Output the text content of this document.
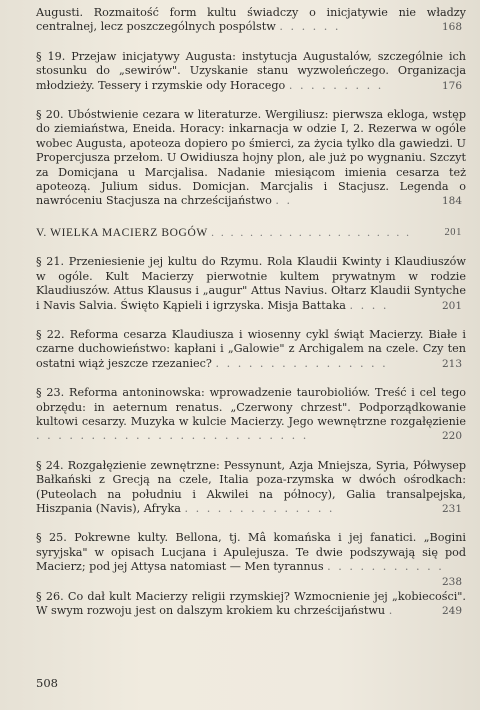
Augusti. Rozmaitość form kultu świadczy o inicjatywie nie władzy centralnej, lecz poszczególnych pospólstw . . . . . .	168
§ 19. Przejaw inicjatywy Augusta: instytucja Augustalów, szczególnie ich stosunku do „sewirów". Uzyskanie stanu wyzwoleńczego. Organizacja młodzieży. Tessery i rzymskie ody Horacego . . . . . . . . .	176
§ 20. Ubóstwienie cezara w literaturze. Wergiliusz: pierwsza ekloga, wstęp do ziemiaństwa, Eneida. Horacy: inkarnacja w odzie I, 2. Rezerwa w ogóle wobec Augusta, apoteoza dopiero po śmierci, za życia tylko dla gawiedzi. U Propercjusza przełom. U Owidiusza hojny plon, ale już po wygnaniu. Szczyt za Domicjana u Marcjalisa. Nadanie miesiącom imienia cesarza też apoteozą. Julium sidus. Domicjan. Marcjalis i Stacjusz. Legenda o nawróceniu Stacjusza na chrześcijaństwo . .	184
V. WIELKA MACIERZ BOGÓW . . . . . . . . . . . . . . . . . . . . .	201
§ 21. Przeniesienie jej kultu do Rzymu. Rola Klaudii Kwinty i Klaudiuszów w ogóle. Kult Macierzy pierwotnie kultem prywatnym w rodzie Klaudiuszów. Attus Klausus i „augur" Attus Navius. Ołtarz Klaudii Syntyche i Navis Salvia. Święto Kąpieli i igrzyska. Misja Battaka . . . .	201
§ 22. Reforma cesarza Klaudiusza i wiosenny cykl świąt Macierzy. Białe i czarne duchowieństwo: kapłani i „Galowie" z Archigalem na czele. Czy ten ostatni wiąż jeszcze rzezaniec? . . . . . . . . . . . . . . . .	213
§ 23. Reforma antoninowska: wprowadzenie taurobioliów. Treść i cel tego obrzędu: in aeternum renatus. „Czerwony chrzest". Podporządkowanie kultowi cesarzy. Muzyka w kulcie Macierzy. Jego wewnętrzne rozgałęzienie . . . . . . . . . . . . . . . . . . . . . . . . .	220
§ 24. Rozgałęzienie zewnętrzne: Pessynunt, Azja Mniejsza, Syria, Półwysep Bałkański z Grecją na czele, Italia poza-rzymska w dwóch ośrodkach: (Puteolach na południu i Akwilei na północy), Galia transalpejska, Hiszpania (Navis), Afryka . . . . . . . . . . . . . .	231
§ 25. Pokrewne kulty. Bellona, tj. Mâ komańska i jej fanatici. „Bogini syryjska" w opisach Lucjana i Apulejusza. Te dwie podszywają się pod Macierz; pod jej Attysa natomiast — Men tyrannus . . . . . . . . . . .
238
§ 26. Co dał kult Macierzy religii rzymskiej? Wzmocnienie jej „kobiecości". W swym rozwoju jest on dalszym krokiem ku chrześcijaństwu .	249
508
